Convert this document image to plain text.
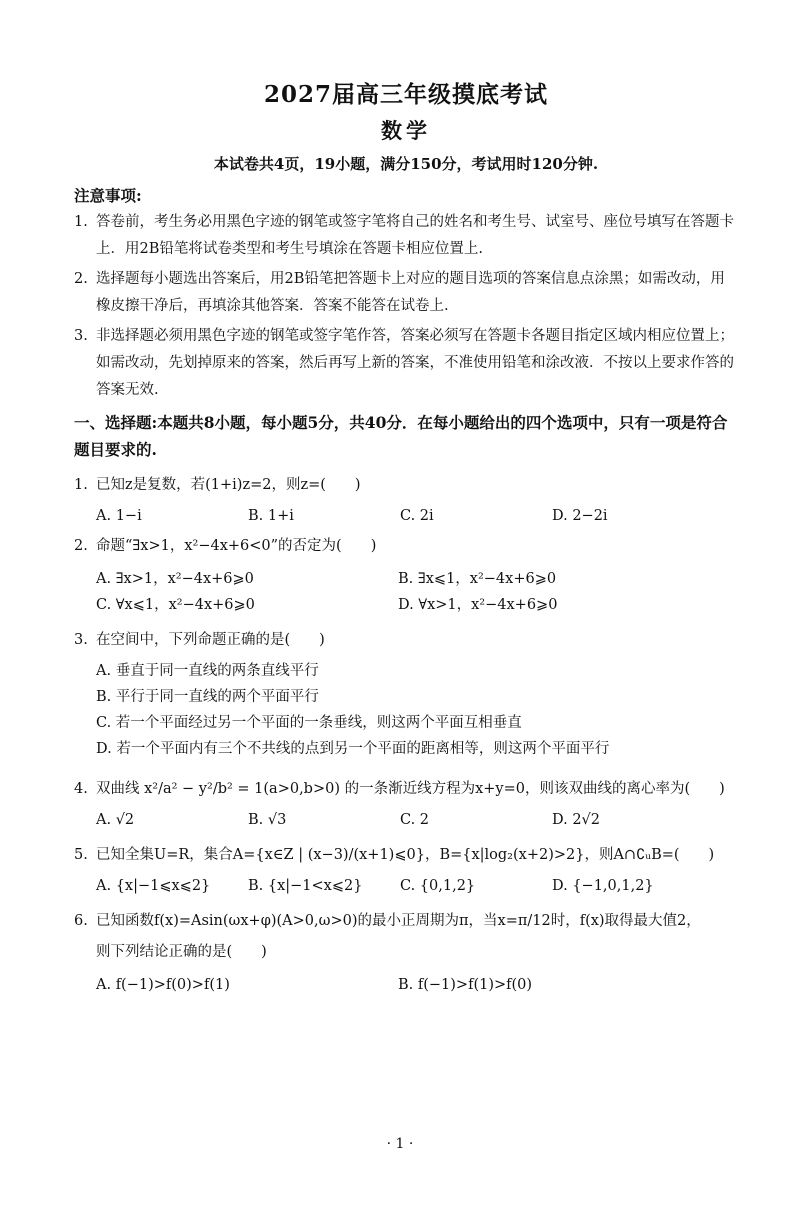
2027届高三年级摸底考试
数学
本试卷共4页，19小题，满分150分，考试用时120分钟.
注意事项:
1. 答卷前，考生务必用黑色字迹的钢笔或签字笔将自己的姓名和考生号、试室号、座位号填写在答题卡上．用2B铅笔将试卷类型和考生号填涂在答题卡相应位置上.
2. 选择题每小题选出答案后，用2B铅笔把答题卡上对应的题目选项的答案信息点涂黑；如需改动，用橡皮擦干净后，再填涂其他答案．答案不能答在试卷上.
3. 非选择题必须用黑色字迹的钢笔或签字笔作答，答案必须写在答题卡各题目指定区域内相应位置上；如需改动，先划掉原来的答案，然后再写上新的答案，不准使用铅笔和涂改液．不按以上要求作答的答案无效.
一、选择题:本题共8小题，每小题5分，共40分．在每小题给出的四个选项中，只有一项是符合题目要求的.
1. 已知z是复数，若(1+i)z=2，则z=(　　)
A. 1−i	B. 1+i	C. 2i	D. 2−2i
2. 命题“∃x>1，x²−4x+6<0”的否定为(　　)
A. ∃x>1，x²−4x+6⩾0	B. ∃x⩽1，x²−4x+6⩾0
C. ∀x⩽1，x²−4x+6⩾0	D. ∀x>1，x²−4x+6⩾0
3. 在空间中，下列命题正确的是(　　)
A. 垂直于同一直线的两条直线平行
B. 平行于同一直线的两个平面平行
C. 若一个平面经过另一个平面的一条垂线，则这两个平面互相垂直
D. 若一个平面内有三个不共线的点到另一个平面的距离相等，则这两个平面平行
4. 双曲线 x²/a² − y²/b² = 1(a>0,b>0) 的一条渐近线方程为x+y=0，则该双曲线的离心率为(　　)
A. √2	B. √3	C. 2	D. 2√2
5. 已知全集U=R，集合A={x∈Z | (x−3)/(x+1)⩽0}，B={x|log₂(x+2)>2}，则A∩∁ᵤB=(　　)
A. {x|−1⩽x⩽2}	B. {x|−1<x⩽2}	C. {0,1,2}	D. {−1,0,1,2}
6. 已知函数f(x)=Asin(ωx+φ)(A>0,ω>0)的最小正周期为π，当x=π/12时，f(x)取得最大值2，
则下列结论正确的是(　　)
A. f(−1)>f(0)>f(1)	B. f(−1)>f(1)>f(0)
· 1 ·
